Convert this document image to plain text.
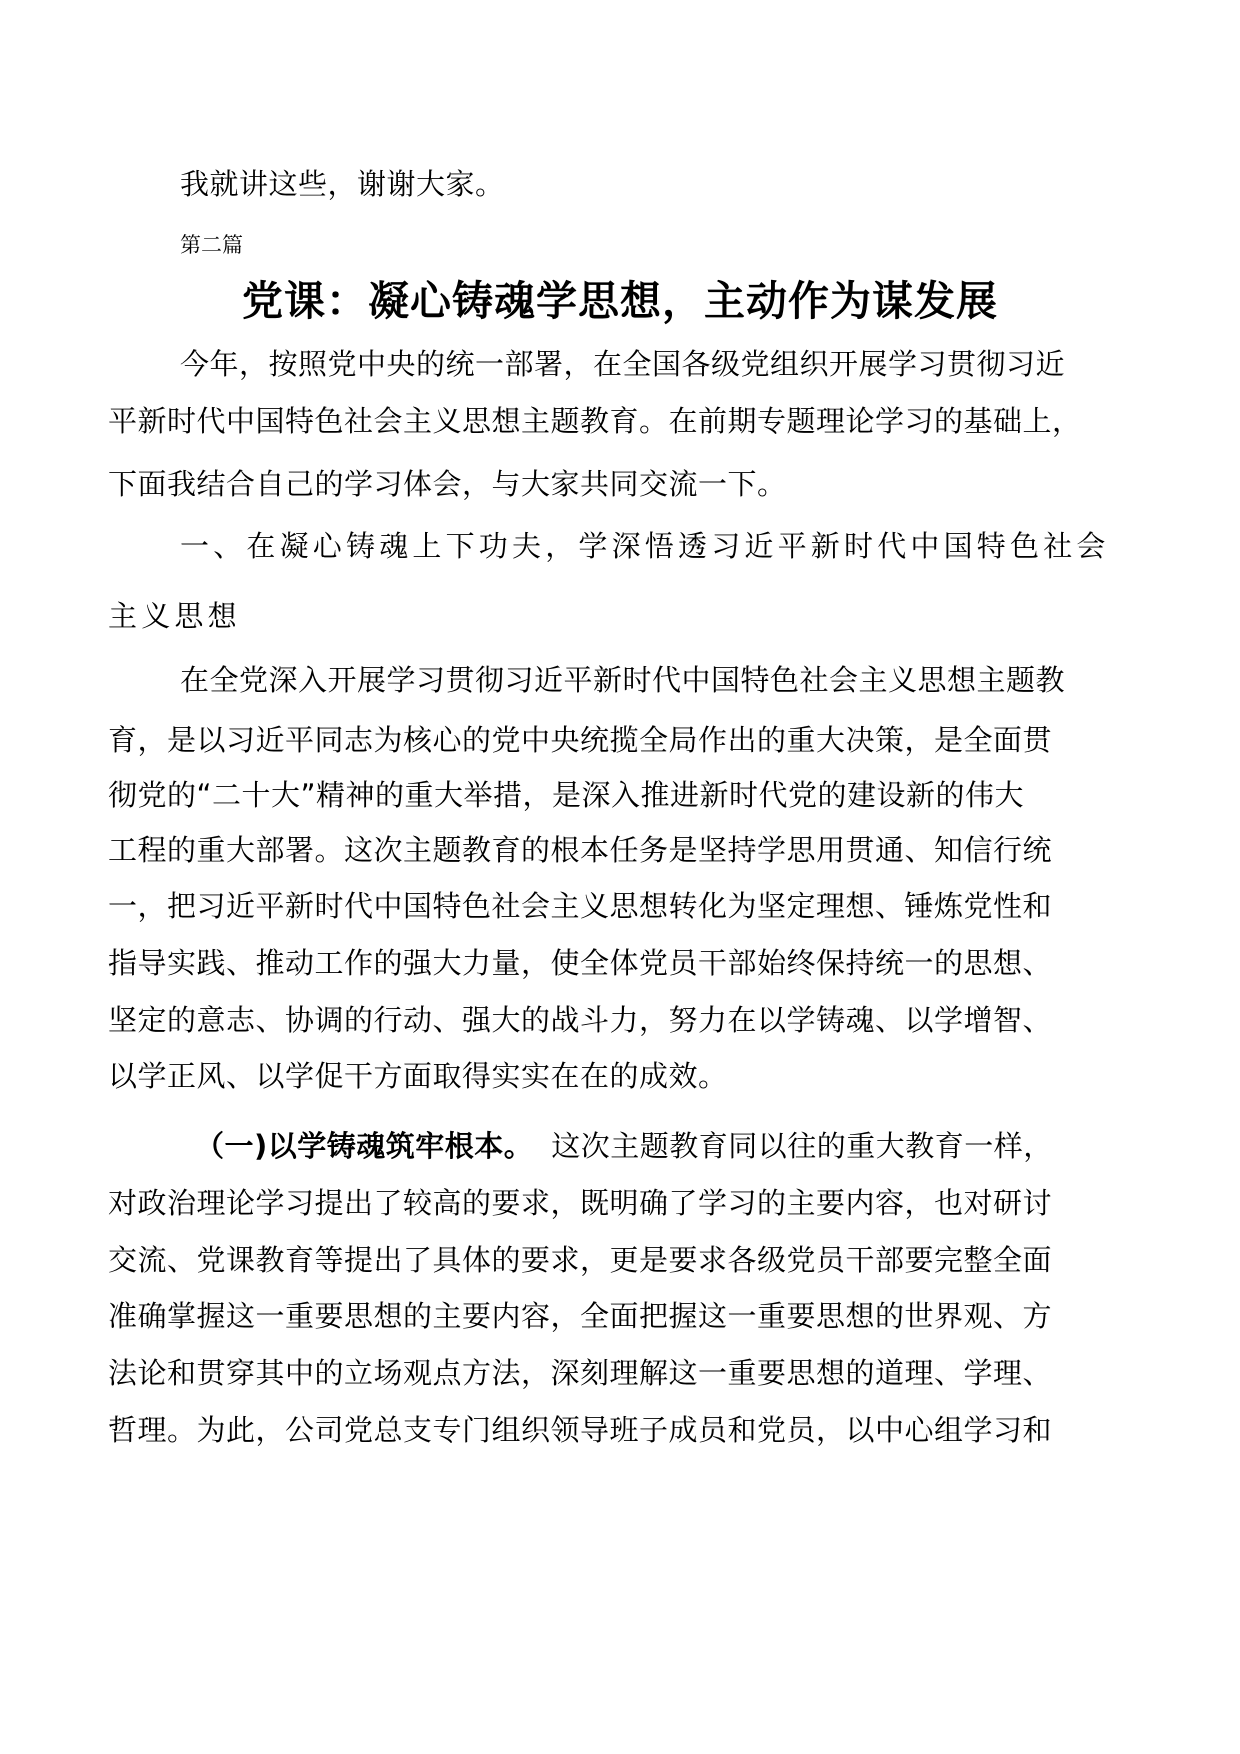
我就讲这些，谢谢大家。
第二篇
党课：凝心铸魂学思想，主动作为谋发展
今年，按照党中央的统一部署，在全国各级党组织开展学习贯彻习近
平新时代中国特色社会主义思想主题教育。在前期专题理论学习的基础上，
下面我结合自己的学习体会，与大家共同交流一下。
一、在凝心铸魂上下功夫，学深悟透习近平新时代中国特色社会
主义思想
在全党深入开展学习贯彻习近平新时代中国特色社会主义思想主题教
育，是以习近平同志为核心的党中央统揽全局作出的重大决策，是全面贯
彻党的“二十大”精神的重大举措，是深入推进新时代党的建设新的伟大
工程的重大部署。这次主题教育的根本任务是坚持学思用贯通、知信行统
一，把习近平新时代中国特色社会主义思想转化为坚定理想、锤炼党性和
指导实践、推动工作的强大力量，使全体党员干部始终保持统一的思想、
坚定的意志、协调的行动、强大的战斗力，努力在以学铸魂、以学增智、
以学正风、以学促干方面取得实实在在的成效。
（一)以学铸魂筑牢根本。 这次主题教育同以往的重大教育一样，
对政治理论学习提出了较高的要求，既明确了学习的主要内容，也对研讨
交流、党课教育等提出了具体的要求，更是要求各级党员干部要完整全面
准确掌握这一重要思想的主要内容，全面把握这一重要思想的世界观、方
法论和贯穿其中的立场观点方法，深刻理解这一重要思想的道理、学理、
哲理。为此，公司党总支专门组织领导班子成员和党员，以中心组学习和
